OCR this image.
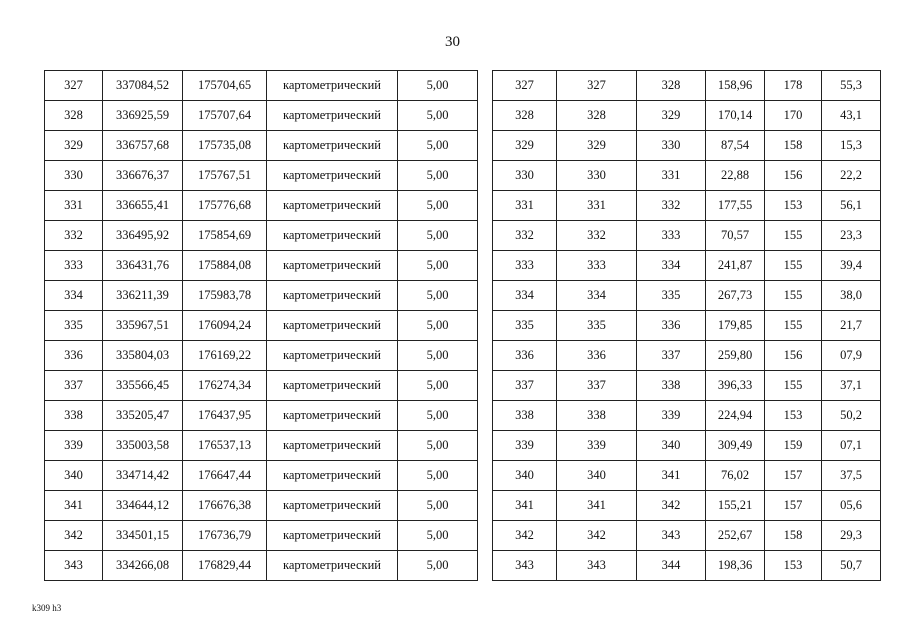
30
327	337084,52	175704,65	картометрический	5,00
328	336925,59	175707,64	картометрический	5,00
329	336757,68	175735,08	картометрический	5,00
330	336676,37	175767,51	картометрический	5,00
331	336655,41	175776,68	картометрический	5,00
332	336495,92	175854,69	картометрический	5,00
333	336431,76	175884,08	картометрический	5,00
334	336211,39	175983,78	картометрический	5,00
335	335967,51	176094,24	картометрический	5,00
336	335804,03	176169,22	картометрический	5,00
337	335566,45	176274,34	картометрический	5,00
338	335205,47	176437,95	картометрический	5,00
339	335003,58	176537,13	картометрический	5,00
340	334714,42	176647,44	картометрический	5,00
341	334644,12	176676,38	картометрический	5,00
342	334501,15	176736,79	картометрический	5,00
343	334266,08	176829,44	картометрический	5,00
327	327	328	158,96	178	55,3
328	328	329	170,14	170	43,1
329	329	330	87,54	158	15,3
330	330	331	22,88	156	22,2
331	331	332	177,55	153	56,1
332	332	333	70,57	155	23,3
333	333	334	241,87	155	39,4
334	334	335	267,73	155	38,0
335	335	336	179,85	155	21,7
336	336	337	259,80	156	07,9
337	337	338	396,33	155	37,1
338	338	339	224,94	153	50,2
339	339	340	309,49	159	07,1
340	340	341	76,02	157	37,5
341	341	342	155,21	157	05,6
342	342	343	252,67	158	29,3
343	343	344	198,36	153	50,7
k309 h3
